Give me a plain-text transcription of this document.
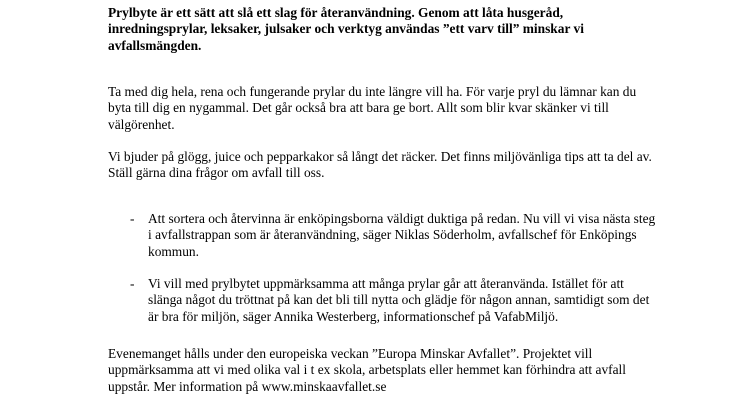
Prylbyte är ett sätt att slå ett slag för återanvändning. Genom att låta husgeråd, inredningsprylar, leksaker, julsaker och verktyg användas ”ett varv till” minskar vi avfallsmängden.

Ta med dig hela, rena och fungerande prylar du inte längre vill ha. För varje pryl du lämnar kan du byta till dig en nygammal. Det går också bra att bara ge bort. Allt som blir kvar skänker vi till välgörenhet.

Vi bjuder på glögg, juice och pepparkakor så långt det räcker. Det finns miljövänliga tips att ta del av. Ställ gärna dina frågor om avfall till oss.

- Att sortera och återvinna är enköpingsborna väldigt duktiga på redan. Nu vill vi visa nästa steg i avfallstrappan som är återanvändning, säger Niklas Söderholm, avfallschef för Enköpings kommun.

- Vi vill med prylbytet uppmärksamma att många prylar går att återanvända. Istället för att slänga något du tröttnat på kan det bli till nytta och glädje för någon annan, samtidigt som det är bra för miljön, säger Annika Westerberg, informationschef på VafabMiljö.

Evenemanget hålls under den europeiska veckan ”Europa Minskar Avfallet”. Projektet vill uppmärksamma att vi med olika val i t ex skola, arbetsplats eller hemmet kan förhindra att avfall uppstår. Mer information på www.minskaavfallet.se
